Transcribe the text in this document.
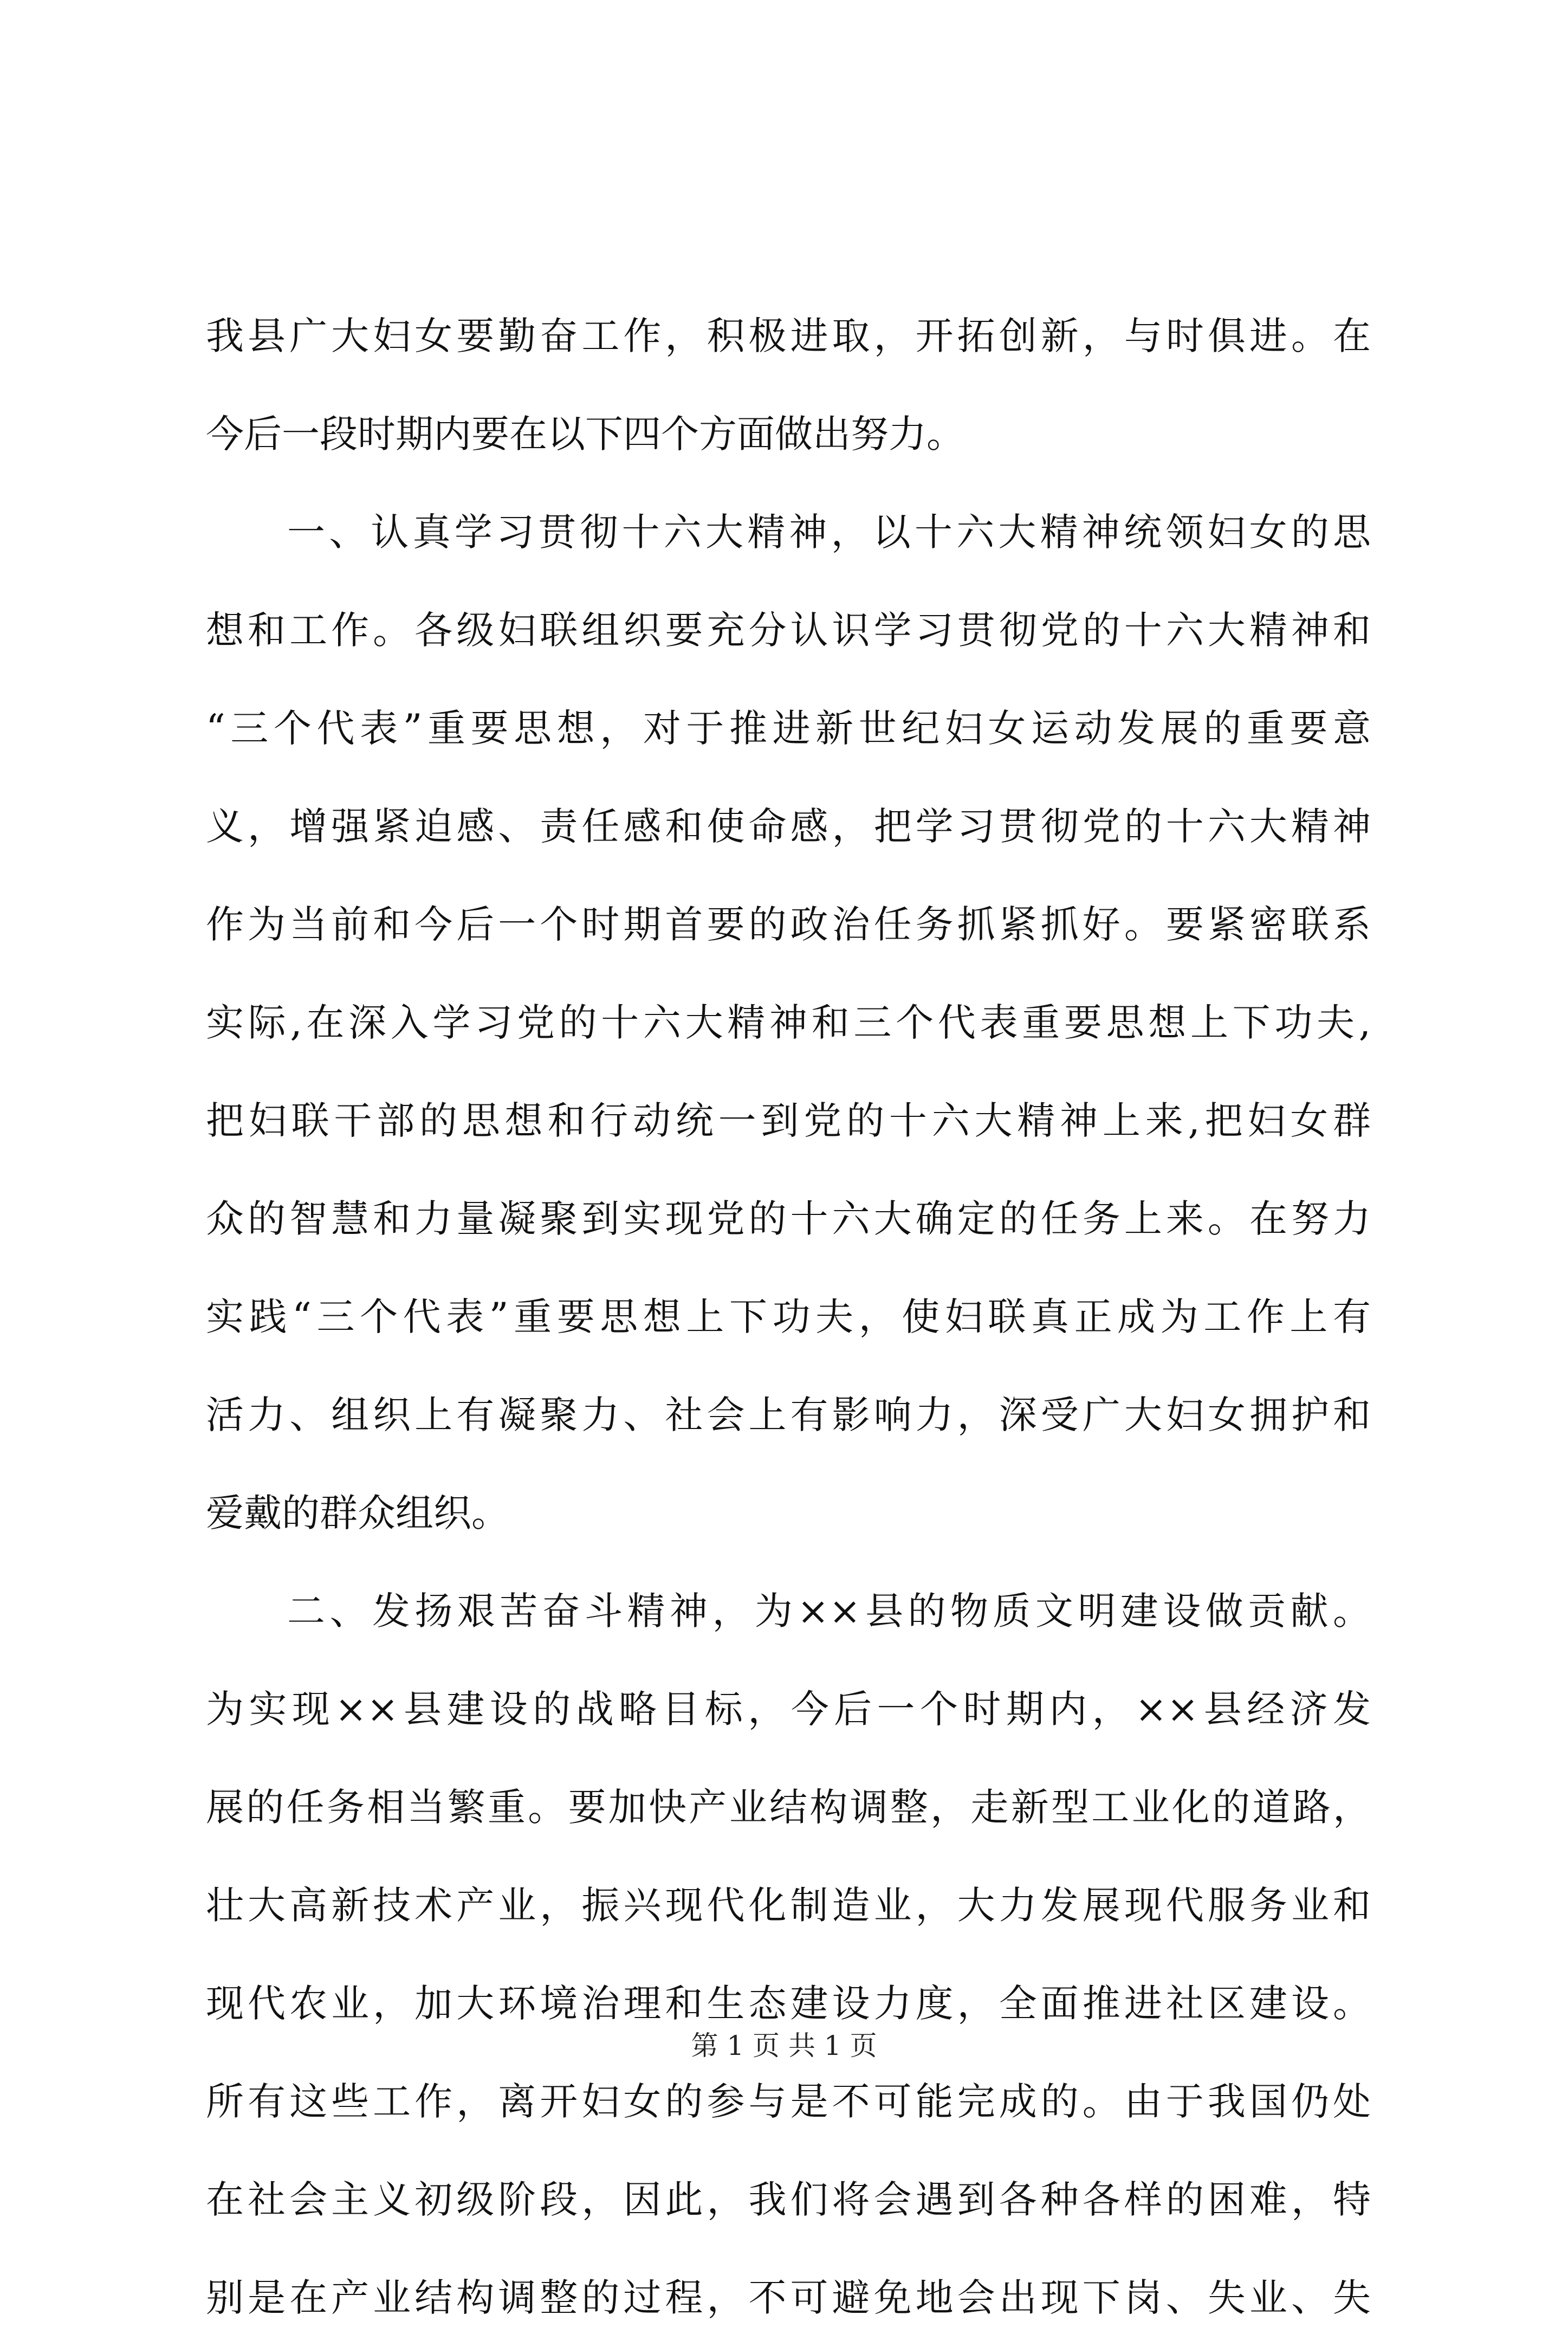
我县广大妇女要勤奋工作，积极进取，开拓创新，与时俱进。在
今后一段时期内要在以下四个方面做出努力。
一、认真学习贯彻十六大精神，以十六大精神统领妇女的思
想和工作。各级妇联组织要充分认识学习贯彻党的十六大精神和
“三个代表”重要思想，对于推进新世纪妇女运动发展的重要意
义，增强紧迫感、责任感和使命感，把学习贯彻党的十六大精神
作为当前和今后一个时期首要的政治任务抓紧抓好。要紧密联系
实际,在深入学习党的十六大精神和三个代表重要思想上下功夫,
把妇联干部的思想和行动统一到党的十六大精神上来,把妇女群
众的智慧和力量凝聚到实现党的十六大确定的任务上来。在努力
实践“三个代表”重要思想上下功夫，使妇联真正成为工作上有
活力、组织上有凝聚力、社会上有影响力，深受广大妇女拥护和
爱戴的群众组织。
二、发扬艰苦奋斗精神，为××县的物质文明建设做贡献。
为实现××县建设的战略目标，今后一个时期内，××县经济发
展的任务相当繁重。要加快产业结构调整，走新型工业化的道路，
壮大高新技术产业，振兴现代化制造业，大力发展现代服务业和
现代农业，加大环境治理和生态建设力度，全面推进社区建设。
所有这些工作，离开妇女的参与是不可能完成的。由于我国仍处
在社会主义初级阶段，因此，我们将会遇到各种各样的困难，特
别是在产业结构调整的过程，不可避免地会出现下岗、失业、失
第 1 页 共 1 页
